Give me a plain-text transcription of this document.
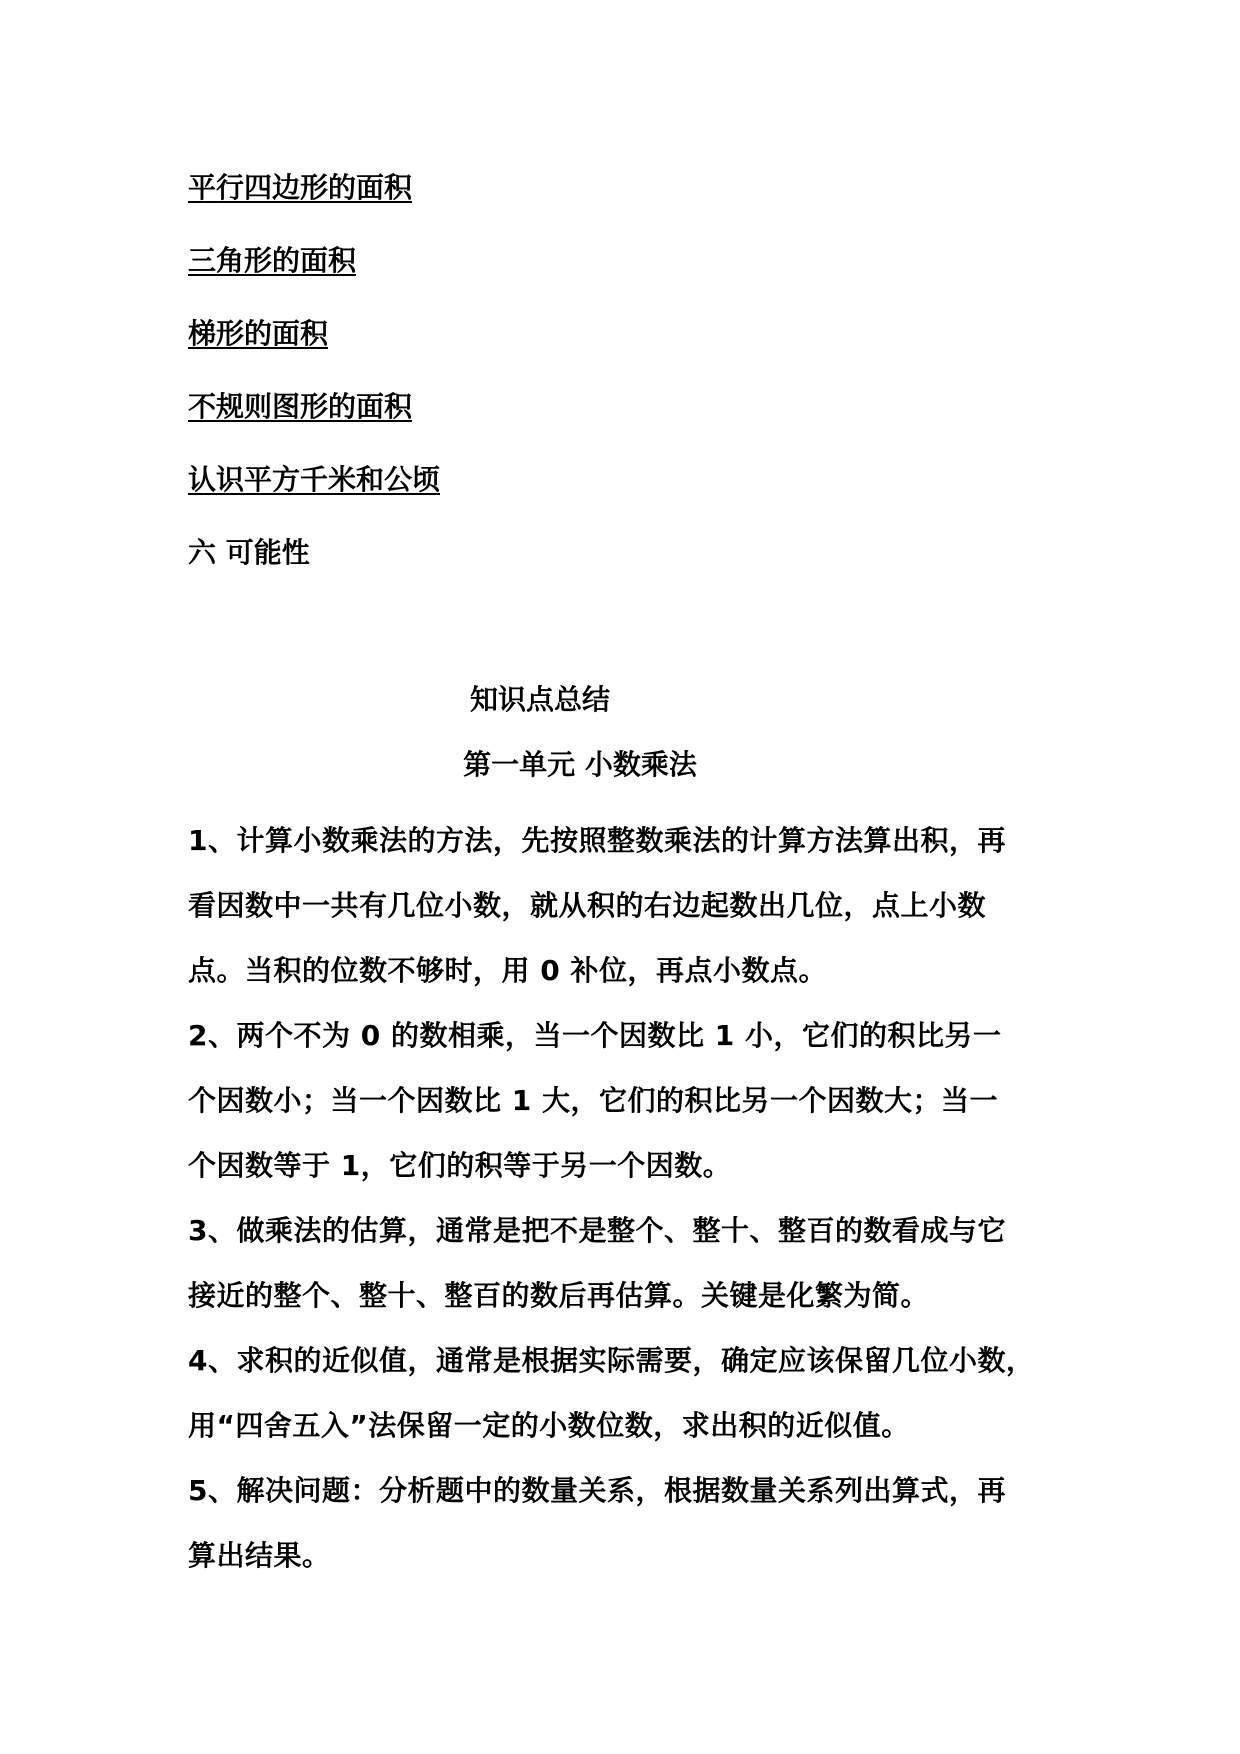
平行四边形的面积
三角形的面积
梯形的面积
不规则图形的面积
认识平方千米和公顷
六 可能性
知识点总结
第一单元 小数乘法
1、计算小数乘法的方法，先按照整数乘法的计算方法算出积，再
看因数中一共有几位小数，就从积的右边起数出几位，点上小数
点。当积的位数不够时，用 0 补位，再点小数点。
2、两个不为 0 的数相乘，当一个因数比 1 小，它们的积比另一
个因数小；当一个因数比 1 大，它们的积比另一个因数大；当一
个因数等于 1，它们的积等于另一个因数。
3、做乘法的估算，通常是把不是整个、整十、整百的数看成与它
接近的整个、整十、整百的数后再估算。关键是化繁为简。
4、求积的近似值，通常是根据实际需要，确定应该保留几位小数，
用“四舍五入”法保留一定的小数位数，求出积的近似值。
5、解决问题：分析题中的数量关系，根据数量关系列出算式，再
算出结果。
